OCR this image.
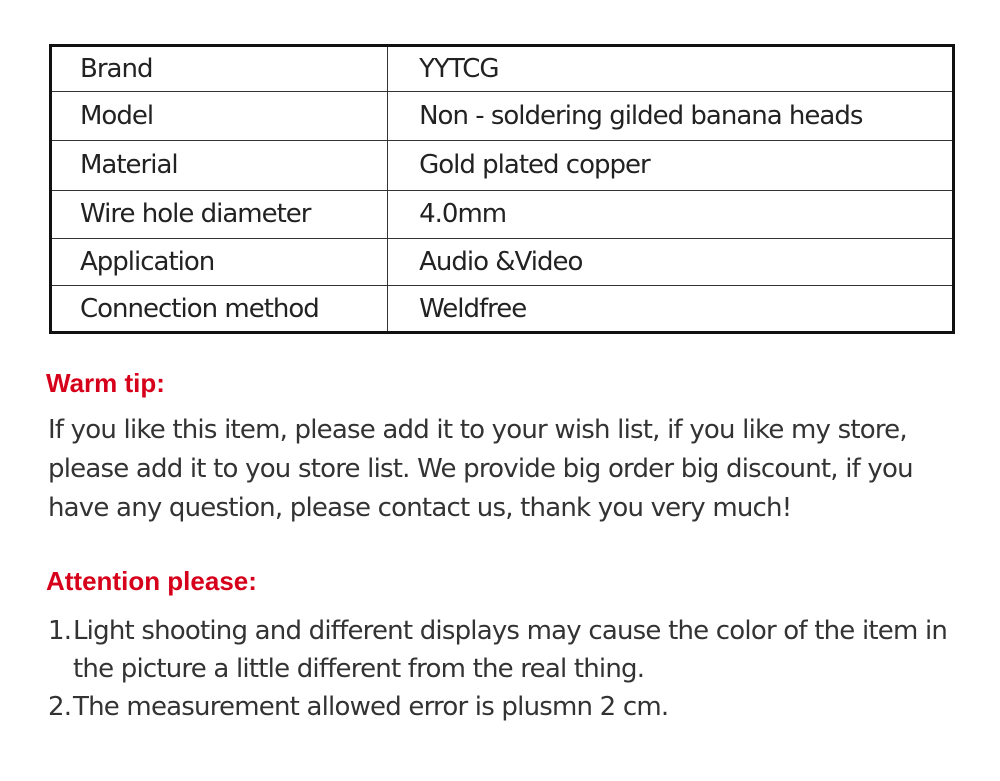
Brand	YYTCG
Model	Non - soldering gilded banana heads
Material	Gold plated copper
Wire hole diameter	4.0mm
Application	Audio &Video
Connection method	Weldfree
Warm tip:

If you like this item, please add it to your wish list, if you like my store, please add it to you store list. We provide big order big discount, if you have any question, please contact us, thank you very much!

Attention please:
1. Light shooting and different displays may cause the color of the item in the picture a little different from the real thing.
2. The measurement allowed error is plusmn 2 cm.
